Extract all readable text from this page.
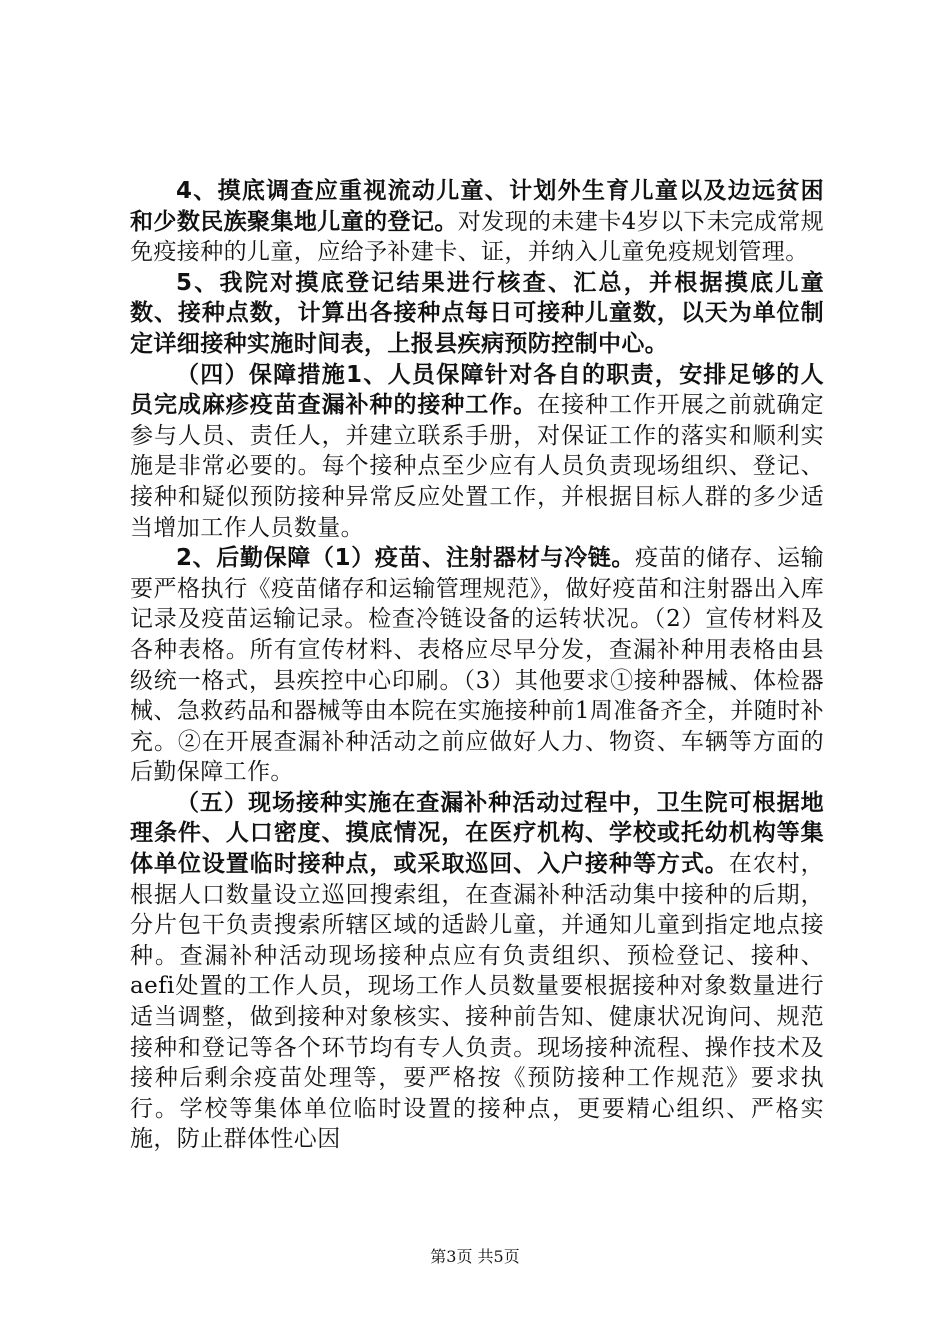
4、摸底调查应重视流动儿童、计划外生育儿童以及边远贫困和少数民族聚集地儿童的登记。对发现的未建卡4岁以下未完成常规免疫接种的儿童，应给予补建卡、证，并纳入儿童免疫规划管理。

5、我院对摸底登记结果进行核查、汇总，并根据摸底儿童数、接种点数，计算出各接种点每日可接种儿童数，以天为单位制定详细接种实施时间表，上报县疾病预防控制中心。

（四）保障措施1、人员保障针对各自的职责，安排足够的人员完成麻疹疫苗查漏补种的接种工作。在接种工作开展之前就确定参与人员、责任人，并建立联系手册，对保证工作的落实和顺利实施是非常必要的。每个接种点至少应有人员负责现场组织、登记、接种和疑似预防接种异常反应处置工作，并根据目标人群的多少适当增加工作人员数量。

2、后勤保障（1）疫苗、注射器材与冷链。疫苗的储存、运输要严格执行《疫苗储存和运输管理规范》，做好疫苗和注射器出入库记录及疫苗运输记录。检查冷链设备的运转状况。（2）宣传材料及各种表格。所有宣传材料、表格应尽早分发，查漏补种用表格由县级统一格式，县疾控中心印刷。（3）其他要求①接种器械、体检器械、急救药品和器械等由本院在实施接种前1周准备齐全，并随时补充。②在开展查漏补种活动之前应做好人力、物资、车辆等方面的后勤保障工作。

（五）现场接种实施在查漏补种活动过程中，卫生院可根据地理条件、人口密度、摸底情况，在医疗机构、学校或托幼机构等集体单位设置临时接种点，或采取巡回、入户接种等方式。在农村，根据人口数量设立巡回搜索组，在查漏补种活动集中接种的后期，分片包干负责搜索所辖区域的适龄儿童，并通知儿童到指定地点接种。查漏补种活动现场接种点应有负责组织、预检登记、接种、aefi处置的工作人员，现场工作人员数量要根据接种对象数量进行适当调整，做到接种对象核实、接种前告知、健康状况询问、规范接种和登记等各个环节均有专人负责。现场接种流程、操作技术及接种后剩余疫苗处理等，要严格按《预防接种工作规范》要求执行。学校等集体单位临时设置的接种点，更要精心组织、严格实施，防止群体性心因

第3页 共5页
